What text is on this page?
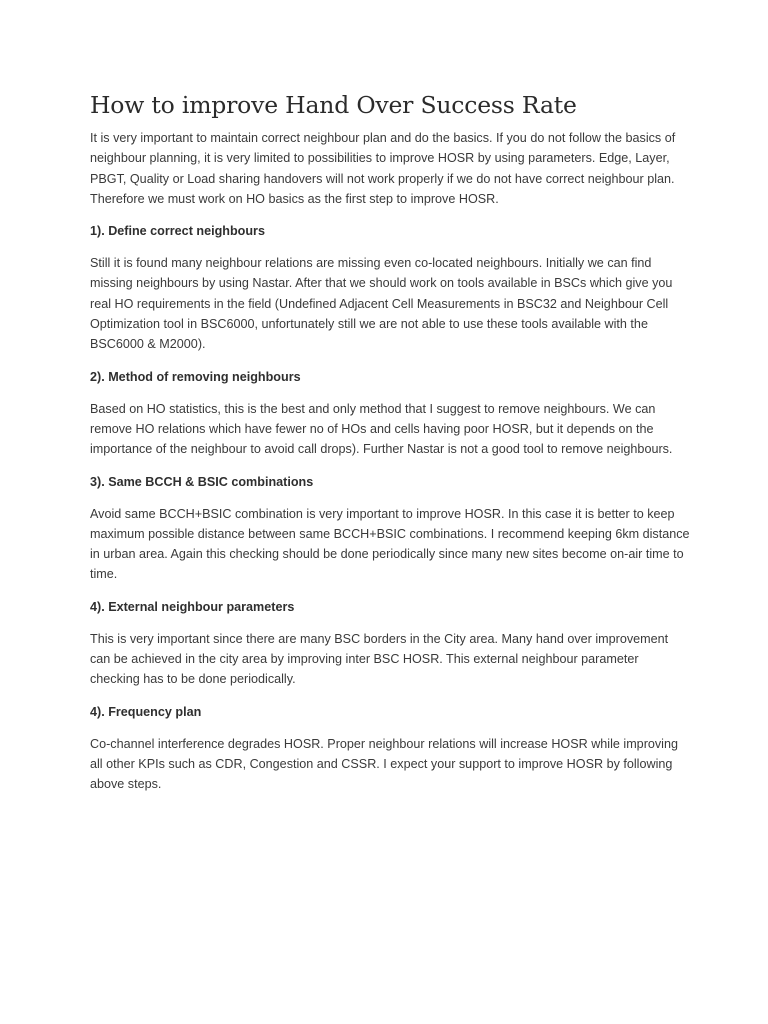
How to improve Hand Over Success Rate

It is very important to maintain correct neighbour plan and do the basics. If you do not follow the basics of neighbour planning, it is very limited to possibilities to improve HOSR by using parameters. Edge, Layer, PBGT, Quality or Load sharing handovers will not work properly if we do not have correct neighbour plan. Therefore we must work on HO basics as the first step to improve HOSR.

1). Define correct neighbours

Still it is found many neighbour relations are missing even co-located neighbours. Initially we can find missing neighbours by using Nastar. After that we should work on tools available in BSCs which give you real HO requirements in the field (Undefined Adjacent Cell Measurements in BSC32 and Neighbour Cell Optimization tool in BSC6000, unfortunately still we are not able to use these tools available with the BSC6000 & M2000).

2). Method of removing neighbours

Based on HO statistics, this is the best and only method that I suggest to remove neighbours. We can remove HO relations which have fewer no of HOs and cells having poor HOSR, but it depends on the importance of the neighbour to avoid call drops). Further Nastar is not a good tool to remove neighbours.

3). Same BCCH & BSIC combinations

Avoid same BCCH+BSIC combination is very important to improve HOSR. In this case it is better to keep maximum possible distance between same BCCH+BSIC combinations. I recommend keeping 6km distance in urban area. Again this checking should be done periodically since many new sites become on-air time to time.

4). External neighbour parameters

This is very important since there are many BSC borders in the City area. Many hand over improvement can be achieved in the city area by improving inter BSC HOSR. This external neighbour parameter checking has to be done periodically.

4). Frequency plan

Co-channel interference degrades HOSR. Proper neighbour relations will increase HOSR while improving all other KPIs such as CDR, Congestion and CSSR. I expect your support to improve HOSR by following above steps.
